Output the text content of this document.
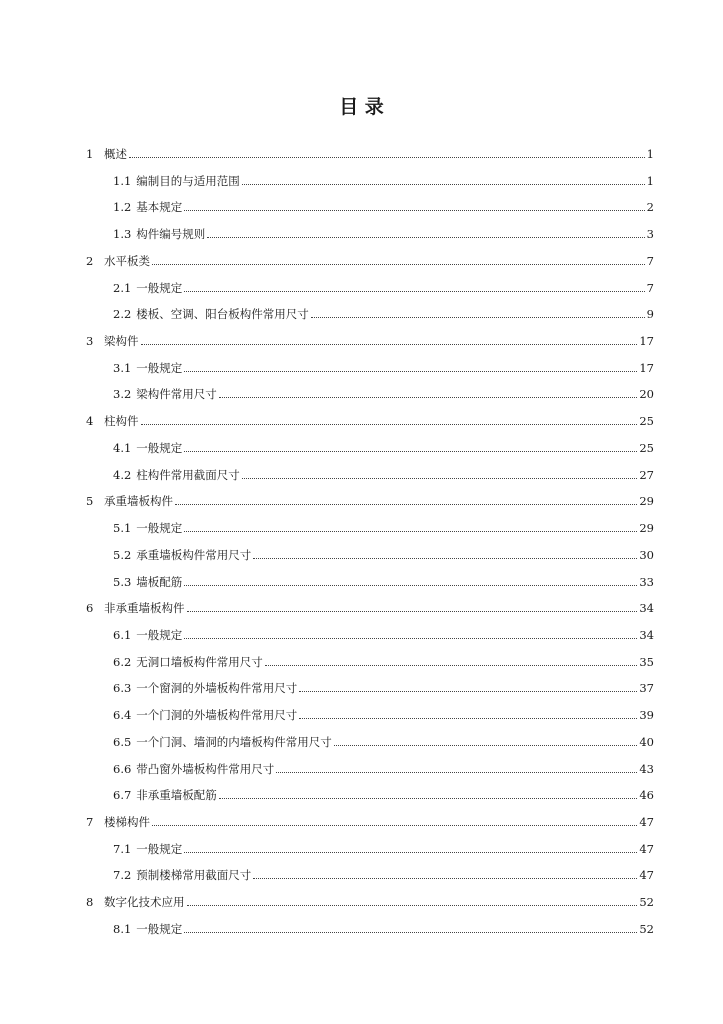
目 录
1 概述	1
1.1 编制目的与适用范围	1
1.2 基本规定	2
1.3 构件编号规则	3
2 水平板类	7
2.1 一般规定	7
2.2 楼板、空调、阳台板构件常用尺寸	9
3 梁构件	17
3.1 一般规定	17
3.2 梁构件常用尺寸	20
4 柱构件	25
4.1 一般规定	25
4.2 柱构件常用截面尺寸	27
5 承重墙板构件	29
5.1 一般规定	29
5.2 承重墙板构件常用尺寸	30
5.3 墙板配筋	33
6 非承重墙板构件	34
6.1 一般规定	34
6.2 无洞口墙板构件常用尺寸	35
6.3 一个窗洞的外墙板构件常用尺寸	37
6.4 一个门洞的外墙板构件常用尺寸	39
6.5 一个门洞、墙洞的内墙板构件常用尺寸	40
6.6 带凸窗外墙板构件常用尺寸	43
6.7 非承重墙板配筋	46
7 楼梯构件	47
7.1 一般规定	47
7.2 预制楼梯常用截面尺寸	47
8 数字化技术应用	52
8.1 一般规定	52
